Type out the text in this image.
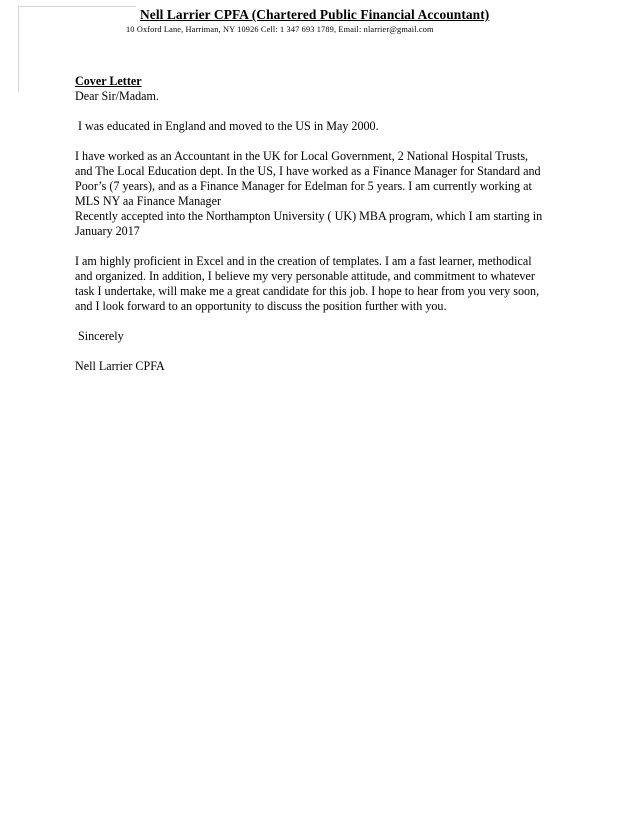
Nell Larrier CPFA (Chartered Public Financial Accountant)
10 Oxford Lane, Harriman, NY 10926 Cell: 1 347 693 1789, Email: nlarrier@gmail.com

Cover Letter

Dear Sir/Madam.

I was educated in England and moved to the US in May 2000.

I have worked as an Accountant in the UK for Local Government, 2 National Hospital Trusts,

and The Local Education dept. In the US, I have worked as a Finance Manager for Standard and

Poor’s (7 years), and as a Finance Manager for Edelman for 5 years. I am currently working at

MLS NY aa Finance Manager

Recently accepted into the Northampton University ( UK) MBA program, which I am starting in

January 2017

I am highly proficient in Excel and in the creation of templates. I am a fast learner, methodical

and organized. In addition, I believe my very personable attitude, and commitment to whatever

task I undertake, will make me a great candidate for this job. I hope to hear from you very soon,

and I look forward to an opportunity to discuss the position further with you.

Sincerely

Nell Larrier CPFA
